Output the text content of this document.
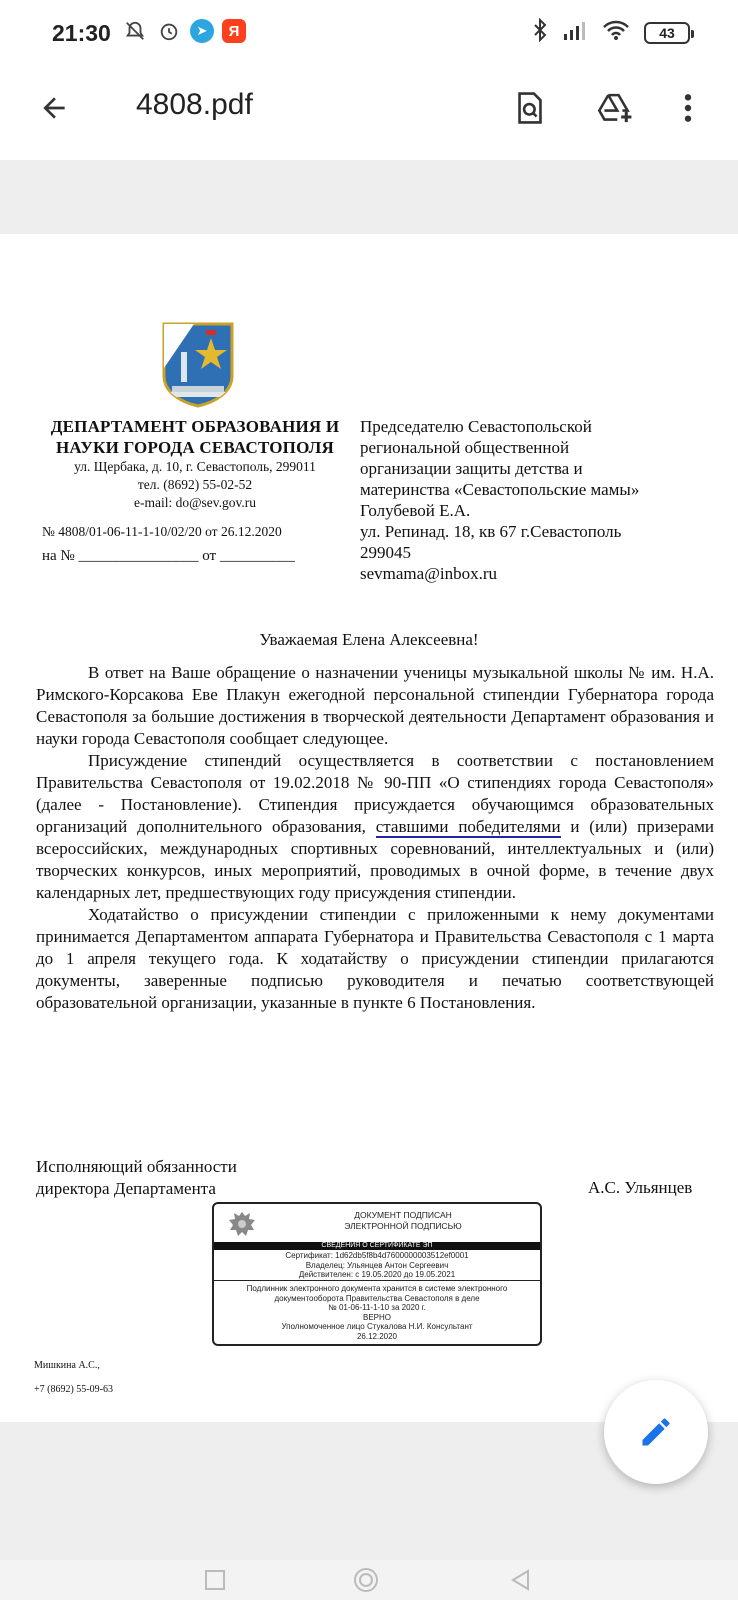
21:30	➤	Я	43
4808.pdf
ДЕПАРТАМЕНТ ОБРАЗОВАНИЯ И
НАУКИ ГОРОДА СЕВАСТОПОЛЯ
ул. Щербака, д. 10, г. Севастополь, 299011
тел. (8692) 55-02-52
e-mail: do@sev.gov.ru
№ 4808/01-06-11-1-10/02/20 от 26.12.2020
на № ________________ от __________
Председателю Севастопольской
региональной общественной
организации защиты детства и
материнства «Севастопольские мамы»
Голубевой Е.А.
ул. Репинад. 18, кв 67 г.Севастополь
299045
sevmama@inbox.ru
Уважаемая Елена Алексеевна!

В ответ на Ваше обращение о назначении ученицы музыкальной школы № им. Н.А. Римского-Корсакова Еве Плакун ежегодной персональной стипендии Губернатора города Севастополя за большие достижения в творческой деятельности Департамент образования и науки города Севастополя сообщает следующее.

Присуждение стипендий осуществляется в соответствии с постановлением Правительства Севастополя от 19.02.2018 № 90-ПП «О стипендиях города Севастополя» (далее - Постановление). Стипендия присуждается обучающимся образовательных организаций дополнительного образования, ставшими победителями и (или) призерами всероссийских, международных спортивных соревнований, интеллектуальных и (или) творческих конкурсов, иных мероприятий, проводимых в очной форме, в течение двух календарных лет, предшествующих году присуждения стипендии.

Ходатайство о присуждении стипендии с приложенными к нему документами принимается Департаментом аппарата Губернатора и Правительства Севастополя с 1 марта до 1 апреля текущего года. К ходатайству о присуждении стипендии прилагаются документы, заверенные подписью руководителя и печатью соответствующей образовательной организации, указанные в пункте 6 Постановления.

Исполняющий обязанности
директора Департамента	А.С. Ульянцев
ДОКУМЕНТ ПОДПИСАН
ЭЛЕКТРОННОЙ ПОДПИСЬЮ
СВЕДЕНИЯ О СЕРТИФИКАТЕ ЭП
Сертификат: 1d62db5f8b4d7600000003512ef0001
Владелец: Ульянцев Антон Сергеевич
Действителен: с 19.05.2020 до 19.05.2021
Подлинник электронного документа хранится в системе электронного
документооборота Правительства Севастополя в деле
№ 01-06-11-1-10 за 2020 г.
ВЕРНО
Уполномоченное лицо Стукалова Н.И. Консультант
26.12.2020
Мишкина А.С.,
+7 (8692) 55-09-63
